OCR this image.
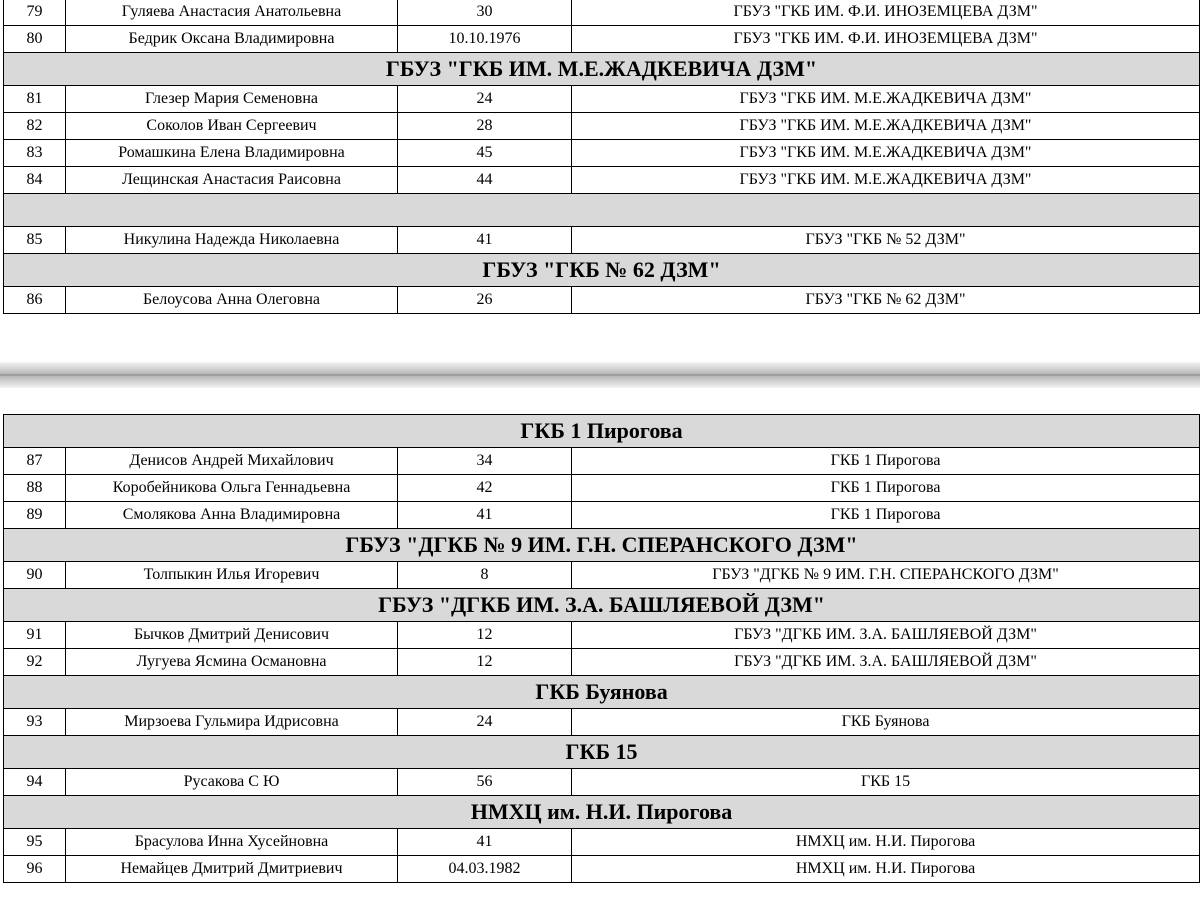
79	Гуляева Анастасия Анатольевна	30	ГБУЗ "ГКБ ИМ. Ф.И. ИНОЗЕМЦЕВА ДЗМ"
80	Бедрик Оксана Владимировна	10.10.1976	ГБУЗ "ГКБ ИМ. Ф.И. ИНОЗЕМЦЕВА ДЗМ"
ГБУЗ "ГКБ ИМ. М.Е.ЖАДКЕВИЧА ДЗМ"			
81	Глезер Мария Семеновна	24	ГБУЗ "ГКБ ИМ. М.Е.ЖАДКЕВИЧА ДЗМ"
82	Соколов Иван Сергеевич	28	ГБУЗ "ГКБ ИМ. М.Е.ЖАДКЕВИЧА ДЗМ"
83	Ромашкина Елена Владимировна	45	ГБУЗ "ГКБ ИМ. М.Е.ЖАДКЕВИЧА ДЗМ"
84	Лещинская Анастасия Раисовна	44	ГБУЗ "ГКБ ИМ. М.Е.ЖАДКЕВИЧА ДЗМ"

85	Никулина Надежда Николаевна	41	ГБУЗ "ГКБ № 52 ДЗМ"
ГБУЗ "ГКБ № 62 ДЗМ"			
86	Белоусова Анна Олеговна	26	ГБУЗ "ГКБ № 62 ДЗМ"
ГКБ 1 Пирогова			
87	Денисов Андрей Михайлович	34	ГКБ 1 Пирогова
88	Коробейникова Ольга Геннадьевна	42	ГКБ 1 Пирогова
89	Смолякова Анна Владимировна	41	ГКБ 1 Пирогова
ГБУЗ "ДГКБ № 9 ИМ. Г.Н. СПЕРАНСКОГО ДЗМ"			
90	Толпыкин Илья Игоревич	8	ГБУЗ "ДГКБ № 9 ИМ. Г.Н. СПЕРАНСКОГО ДЗМ"
ГБУЗ "ДГКБ ИМ. З.А. БАШЛЯЕВОЙ ДЗМ"			
91	Бычков Дмитрий Денисович	12	ГБУЗ "ДГКБ ИМ. З.А. БАШЛЯЕВОЙ ДЗМ"
92	Лугуева Ясмина Османовна	12	ГБУЗ "ДГКБ ИМ. З.А. БАШЛЯЕВОЙ ДЗМ"
ГКБ Буянова			
93	Мирзоева Гульмира Идрисовна	24	ГКБ Буянова
ГКБ 15			
94	Русакова С Ю	56	ГКБ 15
НМХЦ им. Н.И. Пирогова			
95	Брасулова Инна Хусейновна	41	НМХЦ им. Н.И. Пирогова
96	Немайцев Дмитрий Дмитриевич	04.03.1982	НМХЦ им. Н.И. Пирогова
